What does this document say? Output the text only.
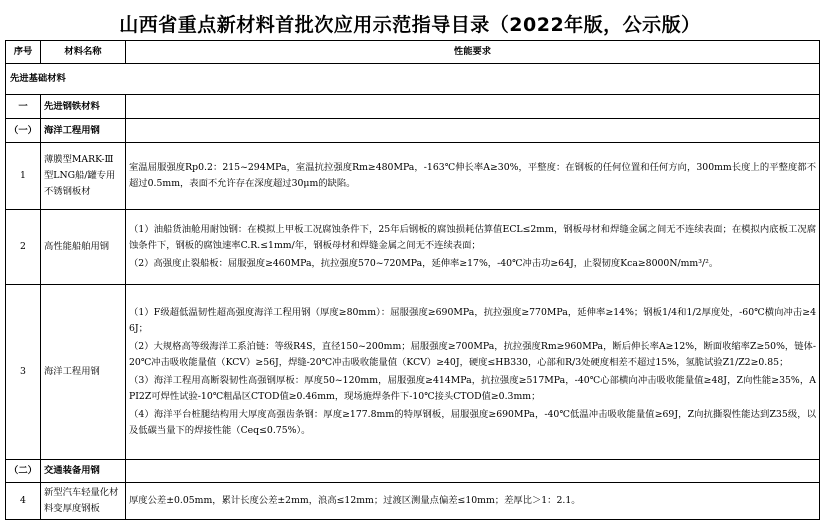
山西省重点新材料首批次应用示范指导目录（2022年版，公示版）
序号	材料名称	性能要求
先进基础材料		
一	先进钢铁材料	
（一）	海洋工程用钢	
1	薄膜型MARK-Ⅲ型LNG船/罐专用不锈钢板材	室温屈服强度Rp0.2：215~294MPa，室温抗拉强度Rm≥480MPa，-163℃伸长率A≥30%，平整度：在钢板的任何位置和任何方向，300mm长度上的平整度都不超过0.5mm，表面不允许存在深度超过30μm的缺陷。

2	高性能船舶用钢	（1）油船货油舱用耐蚀钢：在模拟上甲板工况腐蚀条件下，25年后钢板的腐蚀损耗估算值ECL≤2mm，钢板母材和焊缝金属之间无不连续表面；在模拟内底板工况腐蚀条件下，钢板的腐蚀速率C.R.≤1mm/年，钢板母材和焊缝金属之间无不连续表面；

（2）高强度止裂船板：屈服强度≥460MPa，抗拉强度570~720MPa，延伸率≥17%，-40℃冲击功≥64J，止裂韧度Kca≥8000N/mm³/²。

3	海洋工程用钢	（1）F级超低温韧性超高强度海洋工程用钢（厚度≥80mm）：屈服强度≥690MPa，抗拉强度≥770MPa，延伸率≥14%；钢板1/4和1/2厚度处，-60℃横向冲击≥46J；

（2）大规格高等级海洋工系泊链：等级R4S，直径150~200mm；屈服强度≥700MPa，抗拉强度Rm≥960MPa，断后伸长率A≥12%，断面收缩率Z≥50%，链体-20℃冲击吸收能量值（KCV）≥56J，焊缝-20℃冲击吸收能量值（KCV）≥40J，硬度≤HB330，心部和R/3处硬度相差不超过15%，氢脆试验Z1/Z2≥0.85；

（3）海洋工程用高断裂韧性高强钢厚板：厚度50~120mm，屈服强度≥414MPa，抗拉强度≥517MPa，-40℃心部横向冲击吸收能量值≥48J，Z向性能≥35%，API2Z可焊性试验-10℃粗晶区CTOD值≥0.46mm，现场施焊条件下-10℃接头CTOD值≥0.3mm；

（4）海洋平台桩腿结构用大厚度高强齿条钢：厚度≥177.8mm的特厚钢板，屈服强度≥690MPa，-40℃低温冲击吸收能量值≥69J，Z向抗撕裂性能达到Z35级，以及低碳当量下的焊接性能（Ceq≤0.75%）。

（二）	交通装备用钢	
4	新型汽车轻量化材料变厚度钢板	厚度公差±0.05mm，累计长度公差±2mm，浪高≤12mm；过渡区测量点偏差≤10mm；差厚比＞1：2.1。
